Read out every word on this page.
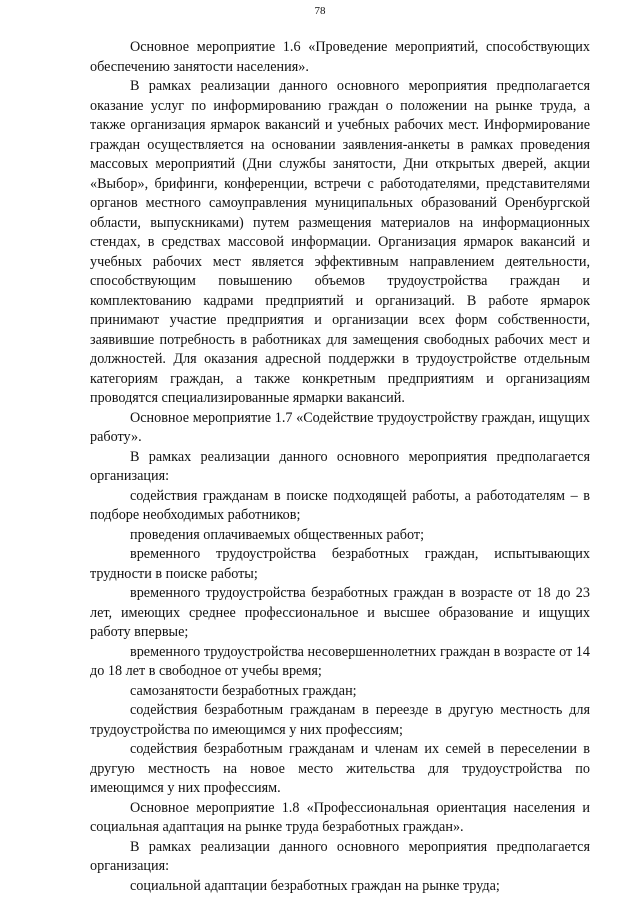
78

Основное мероприятие 1.6 «Проведение мероприятий, способствующих обеспечению занятости населения».

В рамках реализации данного основного мероприятия предполагается оказание услуг по информированию граждан о положении на рынке труда, а также организация ярмарок вакансий и учебных рабочих мест. Информирование граждан осуществляется на основании заявления-анкеты в рамках проведения массовых мероприятий (Дни службы занятости, Дни открытых дверей, акции «Выбор», брифинги, конференции, встречи с работодателями, представителями органов местного самоуправления муниципальных образований Оренбургской области, выпускниками) путем размещения материалов на информационных стендах, в средствах массовой информации. Организация ярмарок вакансий и учебных рабочих мест является эффективным направлением деятельности, способствующим повышению объемов трудоустройства граждан и комплектованию кадрами предприятий и организаций. В работе ярмарок принимают участие предприятия и организации всех форм собственности, заявившие потребность в работниках для замещения свободных рабочих мест и должностей. Для оказания адресной поддержки в трудоустройстве отдельным категориям граждан, а также конкретным предприятиям и организациям проводятся специализированные ярмарки вакансий.

Основное мероприятие 1.7 «Содействие трудоустройству граждан, ищущих работу».

В рамках реализации данного основного мероприятия предполагается организация:

содействия гражданам в поиске подходящей работы, а работодателям – в подборе необходимых работников;

проведения оплачиваемых общественных работ;

временного трудоустройства безработных граждан, испытывающих трудности в поиске работы;

временного трудоустройства безработных граждан в возрасте от 18 до 23 лет, имеющих среднее профессиональное и высшее образование и ищущих работу впервые;

временного трудоустройства несовершеннолетних граждан в возрасте от 14 до 18 лет в свободное от учебы время;

самозанятости безработных граждан;

содействия безработным гражданам в переезде в другую местность для трудоустройства по имеющимся у них профессиям;

содействия безработным гражданам и членам их семей в переселении в другую местность на новое место жительства для трудоустройства по имеющимся у них профессиям.

Основное мероприятие 1.8 «Профессиональная ориентация населения и социальная адаптация на рынке труда безработных граждан».

В рамках реализации данного основного мероприятия предполагается организация:

социальной адаптации безработных граждан на рынке труда;
